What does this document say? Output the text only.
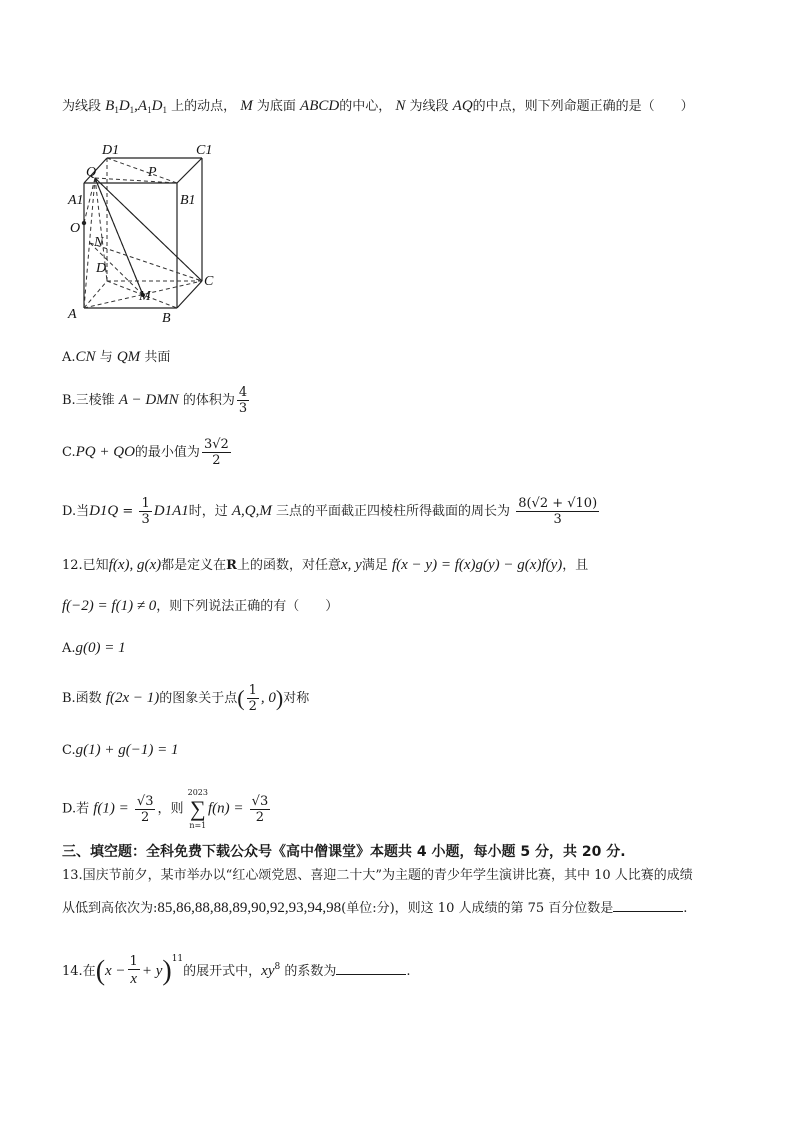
为线段 $B_1D_1,A_1D_1$ 上的动点， M 为底面 ABCD的中心， N 为线段 AQ的中点，则下列命题正确的是（　　）
D1	C1
Q	P
A1	B1
O
N
D
C
M
A	B
A.CN 与 QM 共面
B.三棱锥 A − DMN 的体积为 $\frac{4}{3}$
C.PQ + QO的最小值为 $\frac{3√2}{2}$
D.当$D1Q = \frac{1}{3} D1A1$时，过 A,Q,M 三点的平面截正四棱柱所得截面的周长为 $\frac{8(√2 + √10)}{3}$
12.已知f(x), g(x)都是定义在R上的函数，对任意x, y满足 f(x − y) = f(x)g(y) − g(x)f(y)，且
f(−2) = f(1) ≠ 0，则下列说法正确的有（　　）
A.g(0) = 1
B.函数 f(2x − 1)的图象关于点( $\frac{1}{2}$ , 0)对称
C.g(1) + g(−1) = 1
D.若 $f(1) = \frac{√3}{2}$ ，则
2023
∑
n=1
$f(n) = \frac{√3}{2}$
三、填空题：全科免费下载公众号《高中僧课堂》本题共 4 小题，每小题 5 分，共 20 分.
13.国庆节前夕，某市举办以“红心颂党恩、喜迎二十大”为主题的青少年学生演讲比赛，其中 10 人比赛的成绩
从低到高依次为:85,86,88,88,89,90,92,93,94,98(单位:分)，则这 10 人成绩的第 75 百分位数是	.
14.在$(x - \frac{1}{x} + y)^{11}$的展开式中，$xy^8$ 的系数为	.
